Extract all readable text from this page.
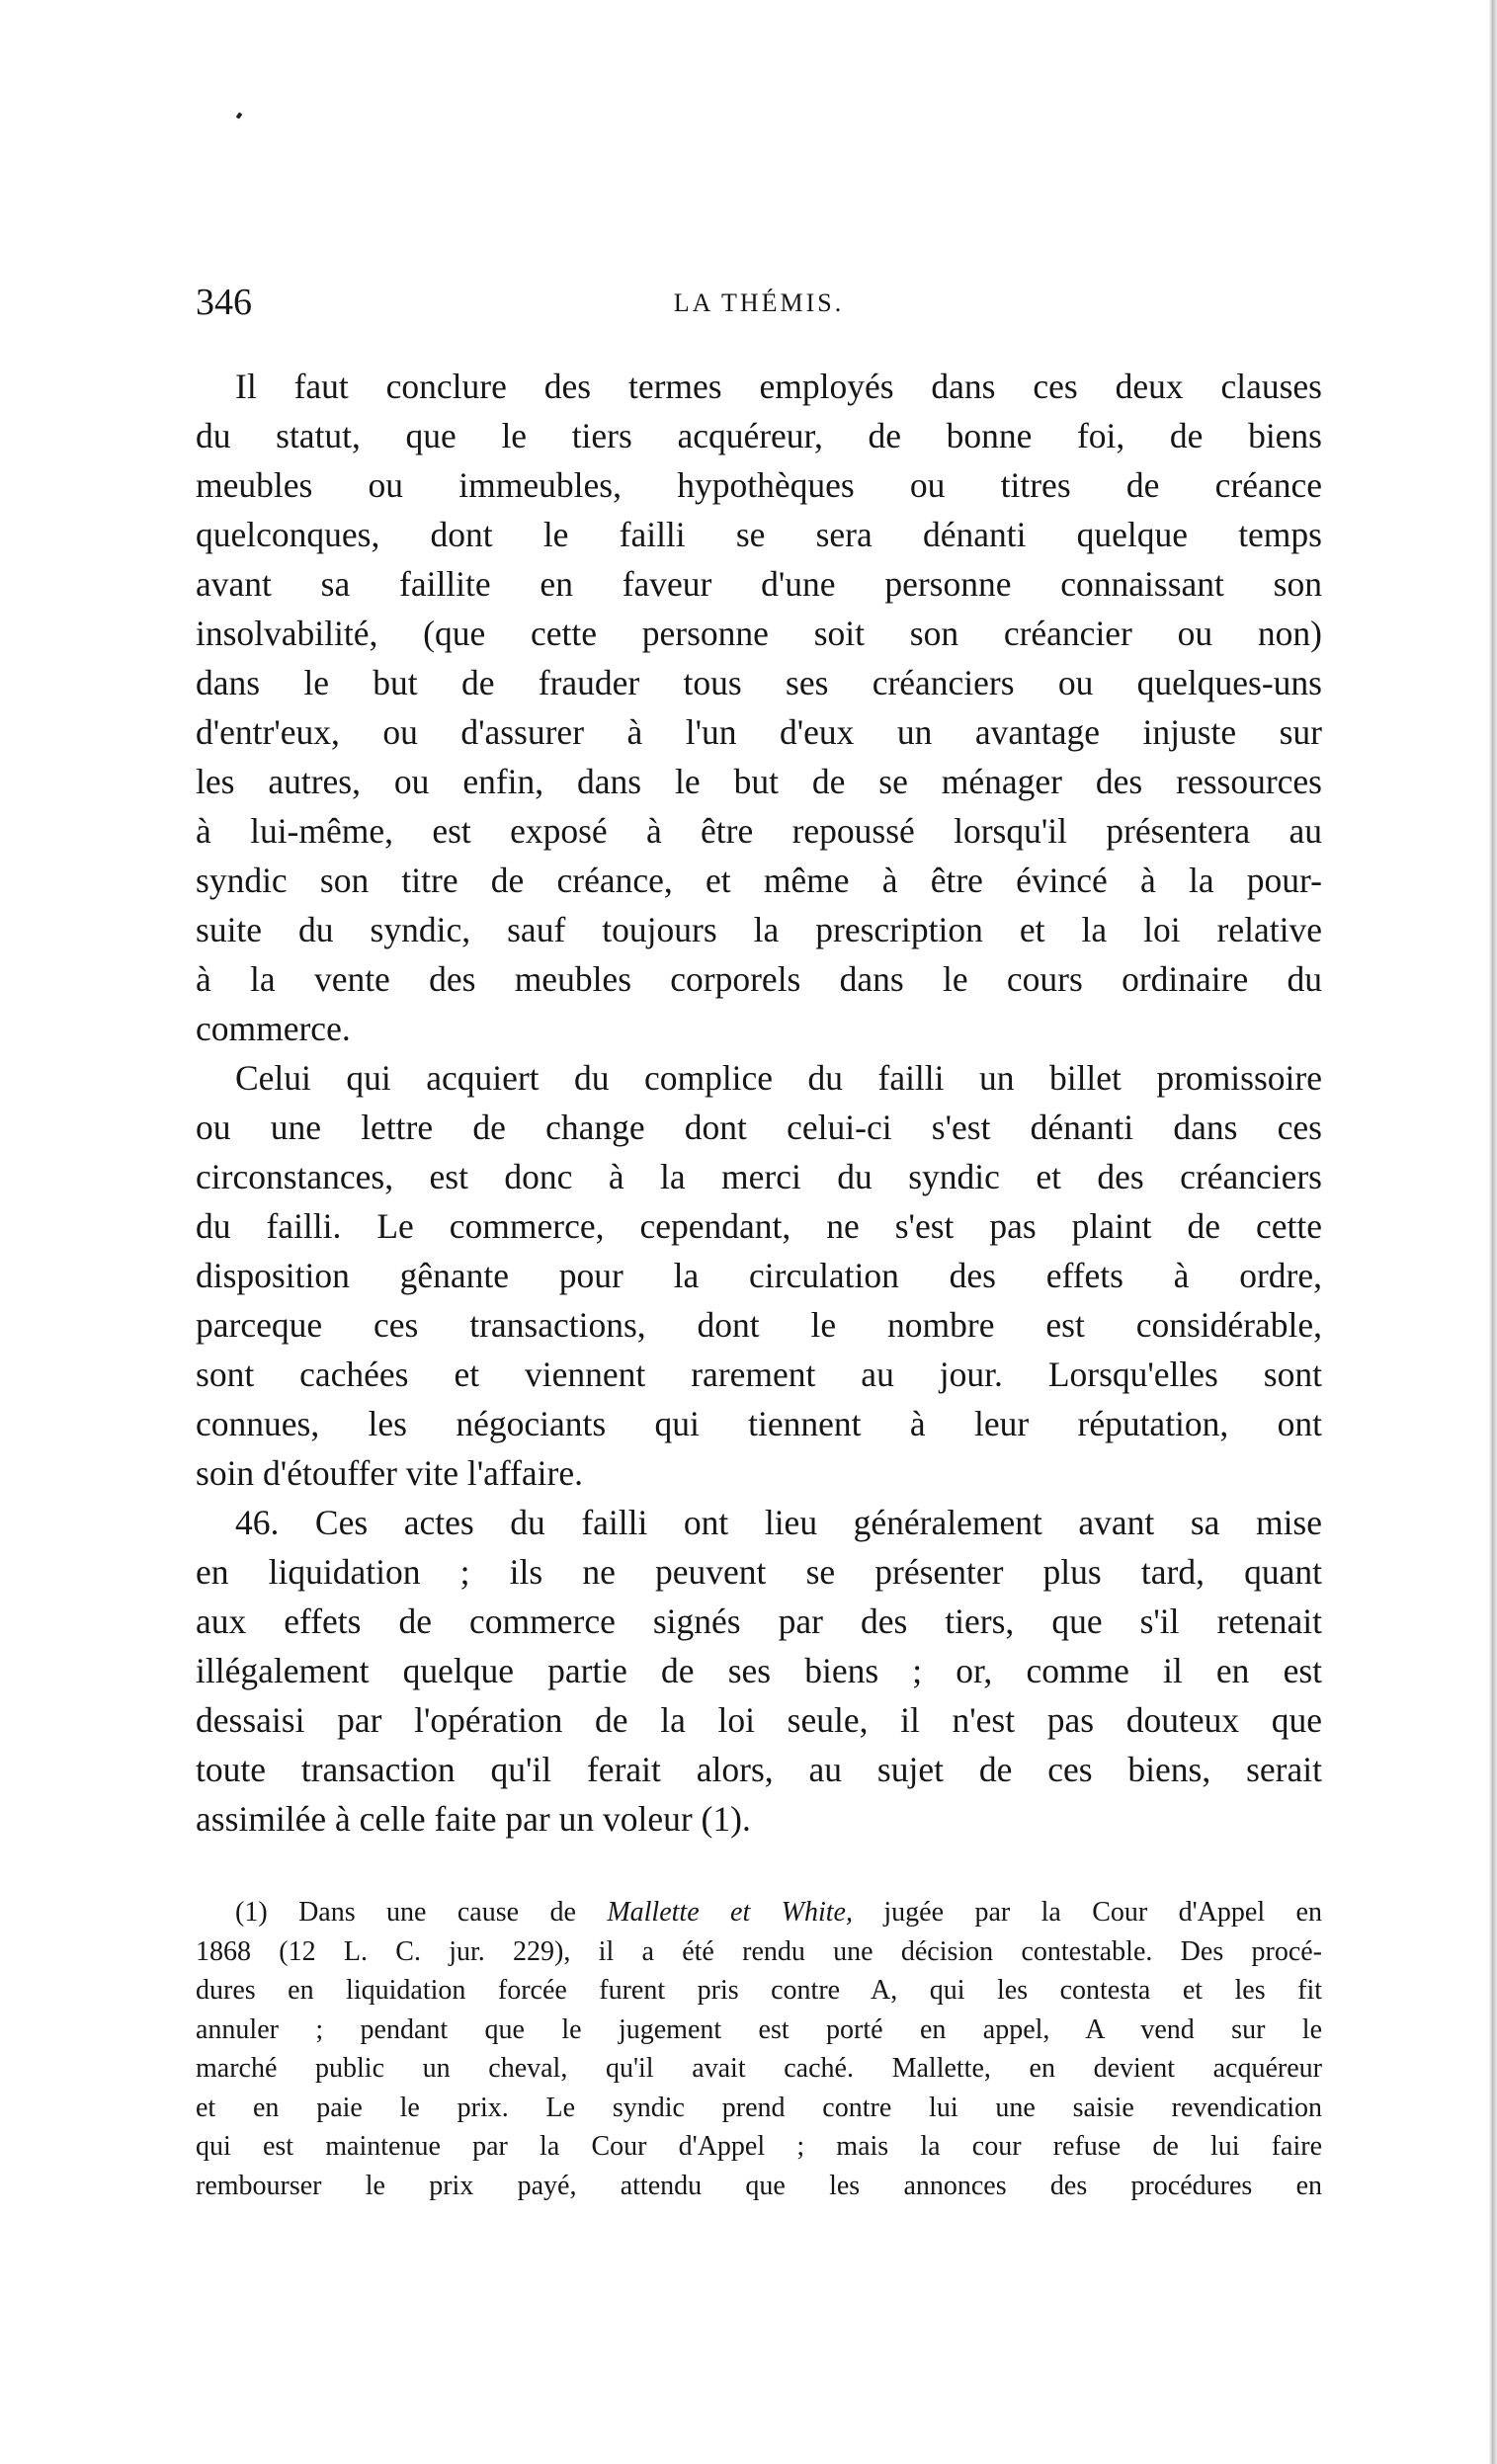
346	LA THÉMIS.
Il faut conclure des termes employés dans ces deux clauses
du statut, que le tiers acquéreur, de bonne foi, de biens
meubles ou immeubles, hypothèques ou titres de créance
quelconques, dont le failli se sera dénanti quelque temps
avant sa faillite en faveur d'une personne connaissant son
insolvabilité, (que cette personne soit son créancier ou non)
dans le but de frauder tous ses créanciers ou quelques-uns
d'entr'eux, ou d'assurer à l'un d'eux un avantage injuste sur
les autres, ou enfin, dans le but de se ménager des ressources
à lui-même, est exposé à être repoussé lorsqu'il présentera au
syndic son titre de créance, et même à être évincé à la pour-
suite du syndic, sauf toujours la prescription et la loi relative
à la vente des meubles corporels dans le cours ordinaire du
commerce.
Celui qui acquiert du complice du failli un billet promissoire
ou une lettre de change dont celui-ci s'est dénanti dans ces
circonstances, est donc à la merci du syndic et des créanciers
du failli. Le commerce, cependant, ne s'est pas plaint de cette
disposition gênante pour la circulation des effets à ordre,
parceque ces transactions, dont le nombre est considérable,
sont cachées et viennent rarement au jour. Lorsqu'elles sont
connues, les négociants qui tiennent à leur réputation, ont
soin d'étouffer vite l'affaire.
46. Ces actes du failli ont lieu généralement avant sa mise
en liquidation ; ils ne peuvent se présenter plus tard, quant
aux effets de commerce signés par des tiers, que s'il retenait
illégalement quelque partie de ses biens ; or, comme il en est
dessaisi par l'opération de la loi seule, il n'est pas douteux que
toute transaction qu'il ferait alors, au sujet de ces biens, serait
assimilée à celle faite par un voleur (1).
(1) Dans une cause de Mallette et White, jugée par la Cour d'Appel en
1868 (12 L. C. jur. 229), il a été rendu une décision contestable. Des procé-
dures en liquidation forcée furent pris contre A, qui les contesta et les fit
annuler ; pendant que le jugement est porté en appel, A vend sur le
marché public un cheval, qu'il avait caché. Mallette, en devient acquéreur
et en paie le prix. Le syndic prend contre lui une saisie revendication
qui est maintenue par la Cour d'Appel ; mais la cour refuse de lui faire
rembourser le prix payé, attendu que les annonces des procédures en
